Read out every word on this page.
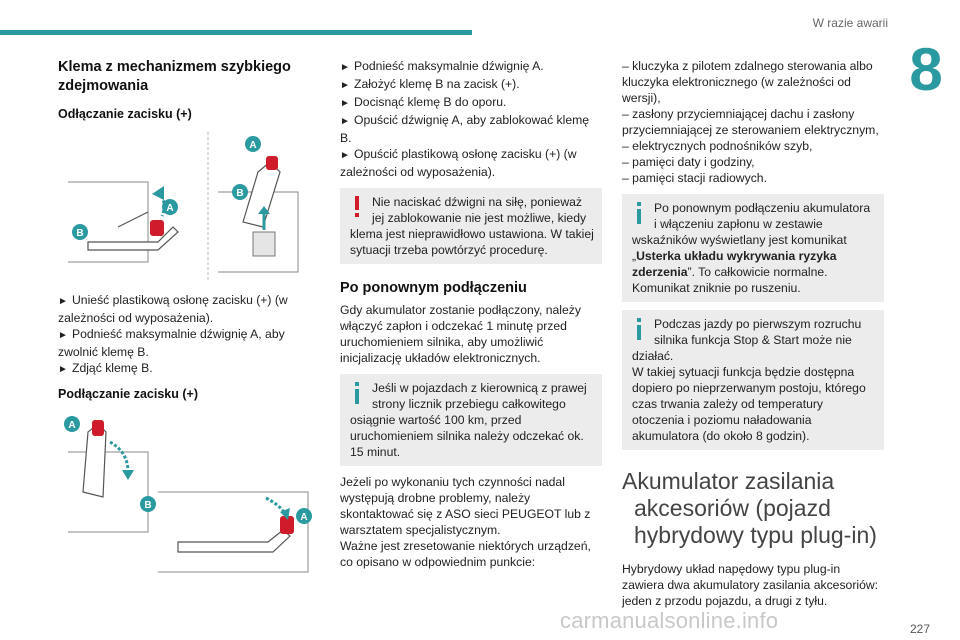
W razie awarii
8
Klema z mechanizmem szybkiego zdejmowania
Odłączanie zacisku (+)
B
A
B
A

► Unieść plastikową osłonę zacisku (+) (w zależności od wyposażenia).

► Podnieść maksymalnie dźwignię A, aby zwolnić klemę B.

► Zdjąć klemę B.

Podłączanie zacisku (+)
A
B
A

► Podnieść maksymalnie dźwignię A.

► Założyć klemę B na zacisk (+).

► Docisnąć klemę B do oporu.

► Opuścić dźwignię A, aby zablokować klemę B.

► Opuścić plastikową osłonę zacisku (+) (w zależności od wyposażenia).

Nie naciskać dźwigni na siłę, ponieważ jej zablokowanie nie jest możliwe, kiedy

klema jest nieprawidłowo ustawiona. W takiej sytuacji trzeba powtórzyć procedurę.

Po ponownym podłączeniu

Gdy akumulator zostanie podłączony, należy włączyć zapłon i odczekać 1 minutę przed uruchomieniem silnika, aby umożliwić inicjalizację układów elektronicznych.

Jeśli w pojazdach z kierownicą z prawej strony licznik przebiegu całkowitego

osiągnie wartość 100 km, przed uruchomieniem silnika należy odczekać ok. 15 minut.

Jeżeli po wykonaniu tych czynności nadal występują drobne problemy, należy skontaktować się z ASO sieci PEUGEOT lub z warsztatem specjalistycznym.

Ważne jest zresetowanie niektórych urządzeń, co opisano w odpowiednim punkcie:

– kluczyka z pilotem zdalnego sterowania albo kluczyka elektronicznego (w zależności od wersji),

– zasłony przyciemniającej dachu i zasłony przyciemniającej ze sterowaniem elektrycznym,

– elektrycznych podnośników szyb,

– pamięci daty i godziny,

– pamięci stacji radiowych.

Po ponownym podłączeniu akumulatora i włączeniu zapłonu w zestawie

wskaźników wyświetlany jest komunikat „Usterka układu wykrywania ryzyka zderzenia”. To całkowicie normalne. Komunikat zniknie po ruszeniu.

Podczas jazdy po pierwszym rozruchu silnika funkcja Stop & Start może nie

działać.

W takiej sytuacji funkcja będzie dostępna dopiero po nieprzerwanym postoju, którego czas trwania zależy od temperatury otoczenia i poziomu naładowania akumulatora (do około 8 godzin).

Akumulator zasilania
akcesoriów (pojazd
hybrydowy typu plug-in)

Hybrydowy układ napędowy typu plug-in zawiera dwa akumulatory zasilania akcesoriów: jeden z przodu pojazdu, a drugi z tyłu.

carmanualsonline.info	227
